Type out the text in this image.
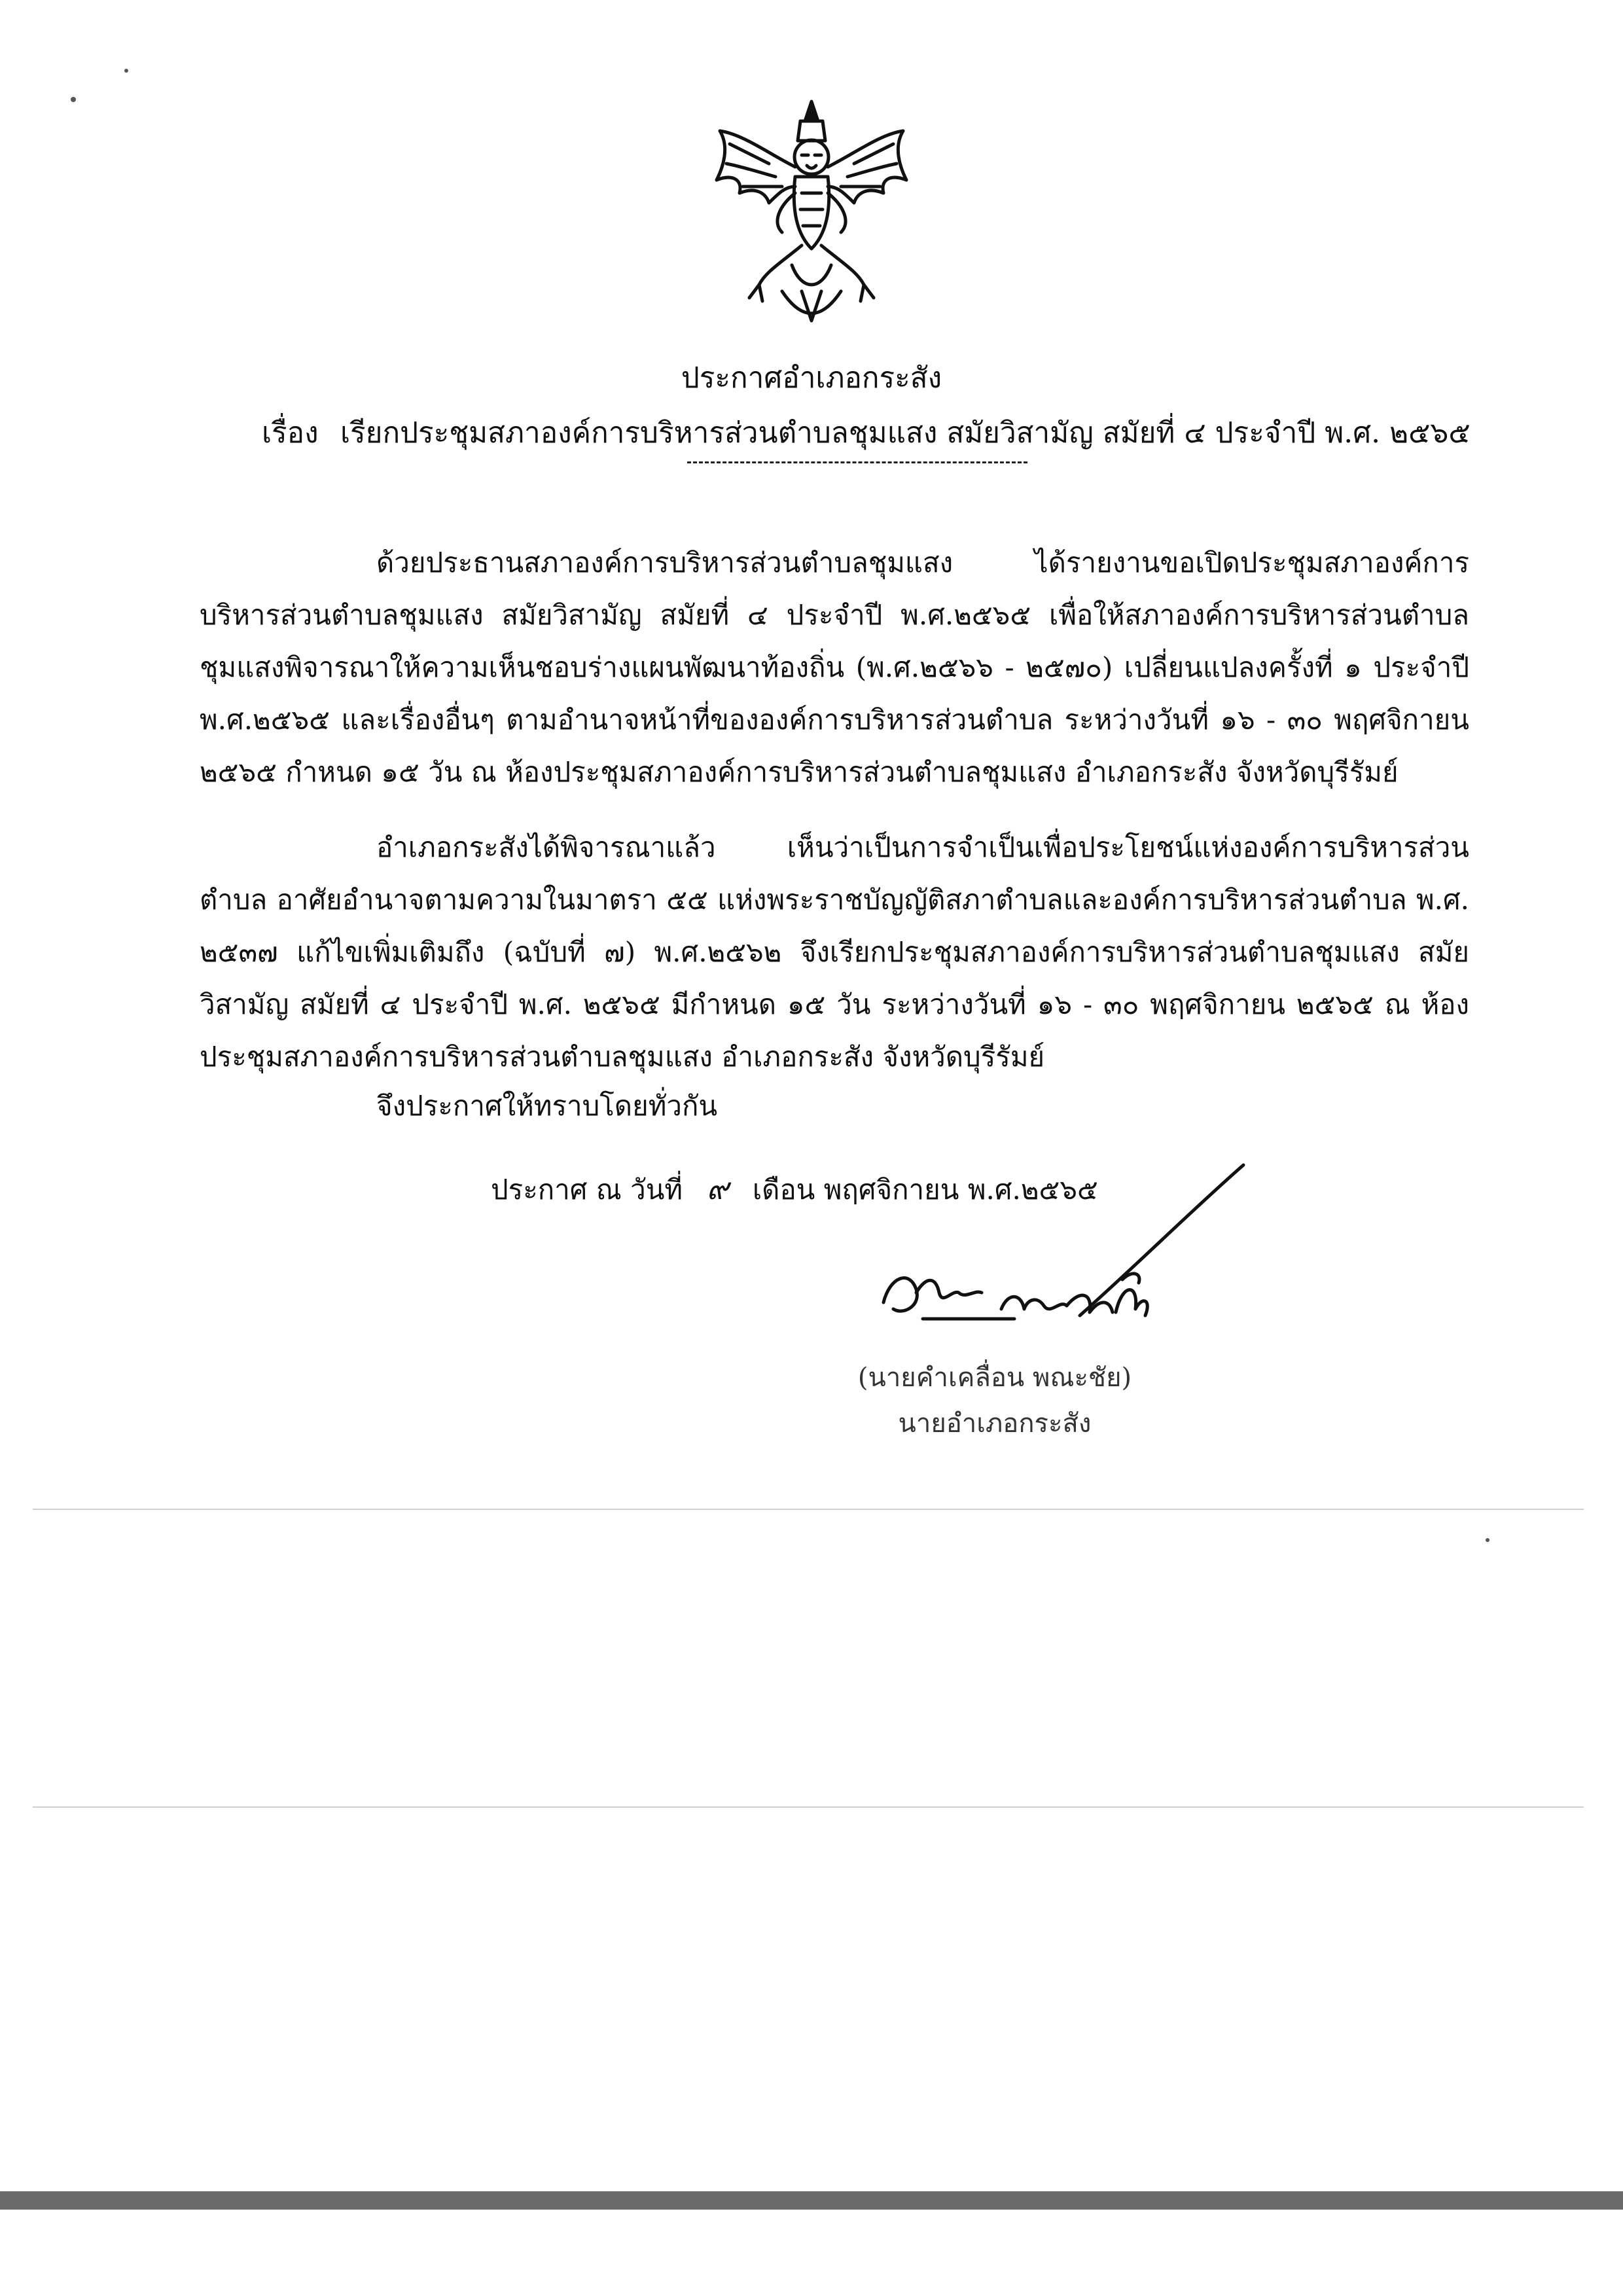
ประกาศอำเภอกระสัง
เรื่อง เรียกประชุมสภาองค์การบริหารส่วนตำบลชุมแสง สมัยวิสามัญ สมัยที่ ๔ ประจำปี พ.ศ. ๒๕๖๕

ด้วยประธานสภาองค์การบริหารส่วนตำบลชุมแสง ได้รายงานขอเปิดประชุมสภาองค์การบริหารส่วนตำบลชุมแสง สมัยวิสามัญ สมัยที่ ๔ ประจำปี พ.ศ.๒๕๖๕ เพื่อให้สภาองค์การบริหารส่วนตำบลชุมแสงพิจารณาให้ความเห็นชอบร่างแผนพัฒนาท้องถิ่น (พ.ศ.๒๕๖๖ - ๒๕๗๐) เปลี่ยนแปลงครั้งที่ ๑ ประจำปี พ.ศ.๒๕๖๕ และเรื่องอื่นๆ ตามอำนาจหน้าที่ขององค์การบริหารส่วนตำบล ระหว่างวันที่ ๑๖ - ๓๐ พฤศจิกายน ๒๕๖๕ กำหนด ๑๕ วัน ณ ห้องประชุมสภาองค์การบริหารส่วนตำบลชุมแสง อำเภอกระสัง จังหวัดบุรีรัมย์

อำเภอกระสังได้พิจารณาแล้ว เห็นว่าเป็นการจำเป็นเพื่อประโยชน์แห่งองค์การบริหารส่วนตำบล อาศัยอำนาจตามความในมาตรา ๕๕ แห่งพระราชบัญญัติสภาตำบลและองค์การบริหารส่วนตำบล พ.ศ. ๒๕๓๗ แก้ไขเพิ่มเติมถึง (ฉบับที่ ๗) พ.ศ.๒๕๖๒ จึงเรียกประชุมสภาองค์การบริหารส่วนตำบลชุมแสง สมัยวิสามัญ สมัยที่ ๔ ประจำปี พ.ศ. ๒๕๖๕ มีกำหนด ๑๕ วัน ระหว่างวันที่ ๑๖ - ๓๐ พฤศจิกายน ๒๕๖๕ ณ ห้องประชุมสภาองค์การบริหารส่วนตำบลชุมแสง อำเภอกระสัง จังหวัดบุรีรัมย์

จึงประกาศให้ทราบโดยทั่วกัน
ประกาศ ณ วันที่ ๙ เดือน พฤศจิกายน พ.ศ.๒๕๖๕
(นายคำเคลื่อน พณะชัย)
นายอำเภอกระสัง
